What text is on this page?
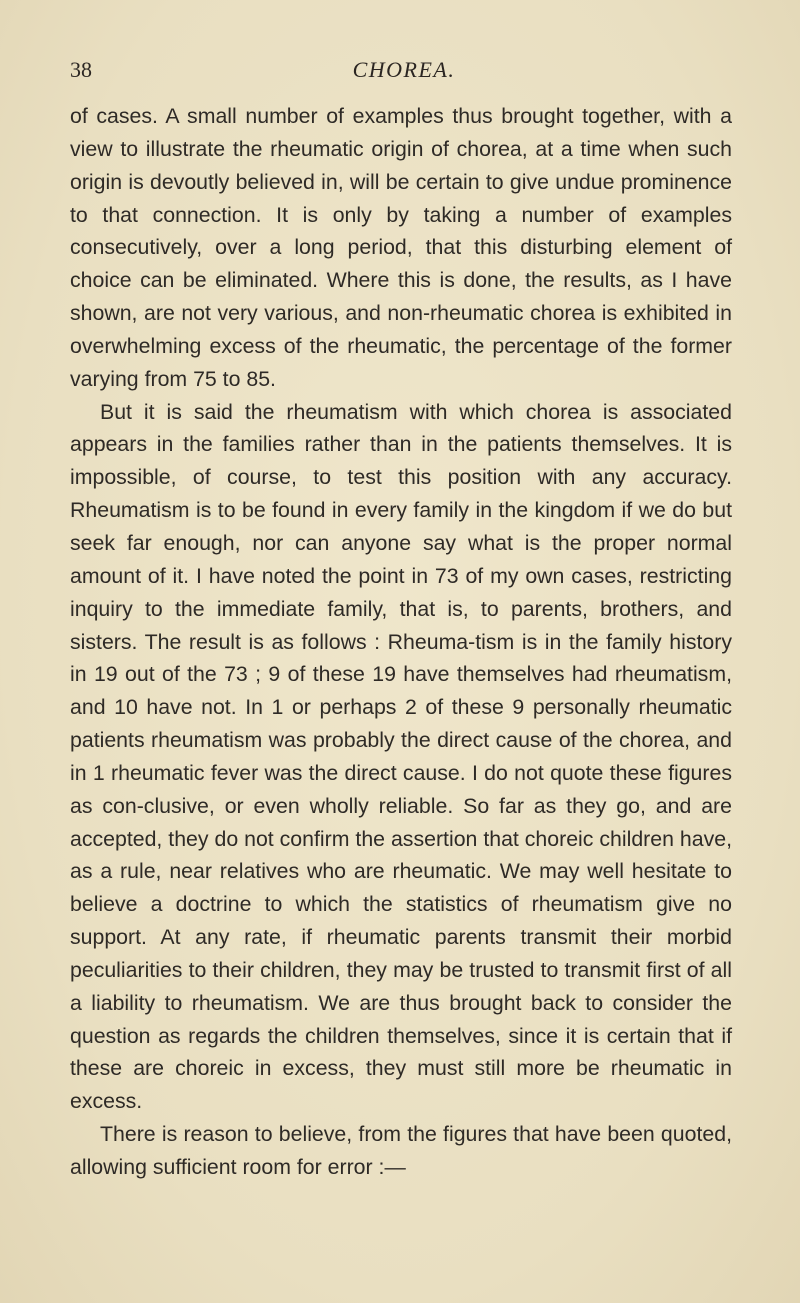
38	CHOREA.

of cases. A small number of examples thus brought together, with a view to illustrate the rheumatic origin of chorea, at a time when such origin is devoutly believed in, will be certain to give undue prominence to that connection. It is only by taking a number of examples consecutively, over a long period, that this disturbing element of choice can be eliminated. Where this is done, the results, as I have shown, are not very various, and non-rheumatic chorea is exhibited in overwhelming excess of the rheumatic, the percentage of the former varying from 75 to 85.

But it is said the rheumatism with which chorea is associated appears in the families rather than in the patients themselves. It is impossible, of course, to test this position with any accuracy. Rheumatism is to be found in every family in the kingdom if we do but seek far enough, nor can anyone say what is the proper normal amount of it. I have noted the point in 73 of my own cases, restricting inquiry to the immediate family, that is, to parents, brothers, and sisters. The result is as follows : Rheuma-tism is in the family history in 19 out of the 73 ; 9 of these 19 have themselves had rheumatism, and 10 have not. In 1 or perhaps 2 of these 9 personally rheumatic patients rheumatism was probably the direct cause of the chorea, and in 1 rheumatic fever was the direct cause. I do not quote these figures as con-clusive, or even wholly reliable. So far as they go, and are accepted, they do not confirm the assertion that choreic children have, as a rule, near relatives who are rheumatic. We may well hesitate to believe a doctrine to which the statistics of rheumatism give no support. At any rate, if rheumatic parents transmit their morbid peculiarities to their children, they may be trusted to transmit first of all a liability to rheumatism. We are thus brought back to consider the question as regards the children themselves, since it is certain that if these are choreic in excess, they must still more be rheumatic in excess.

There is reason to believe, from the figures that have been quoted, allowing sufficient room for error :—
